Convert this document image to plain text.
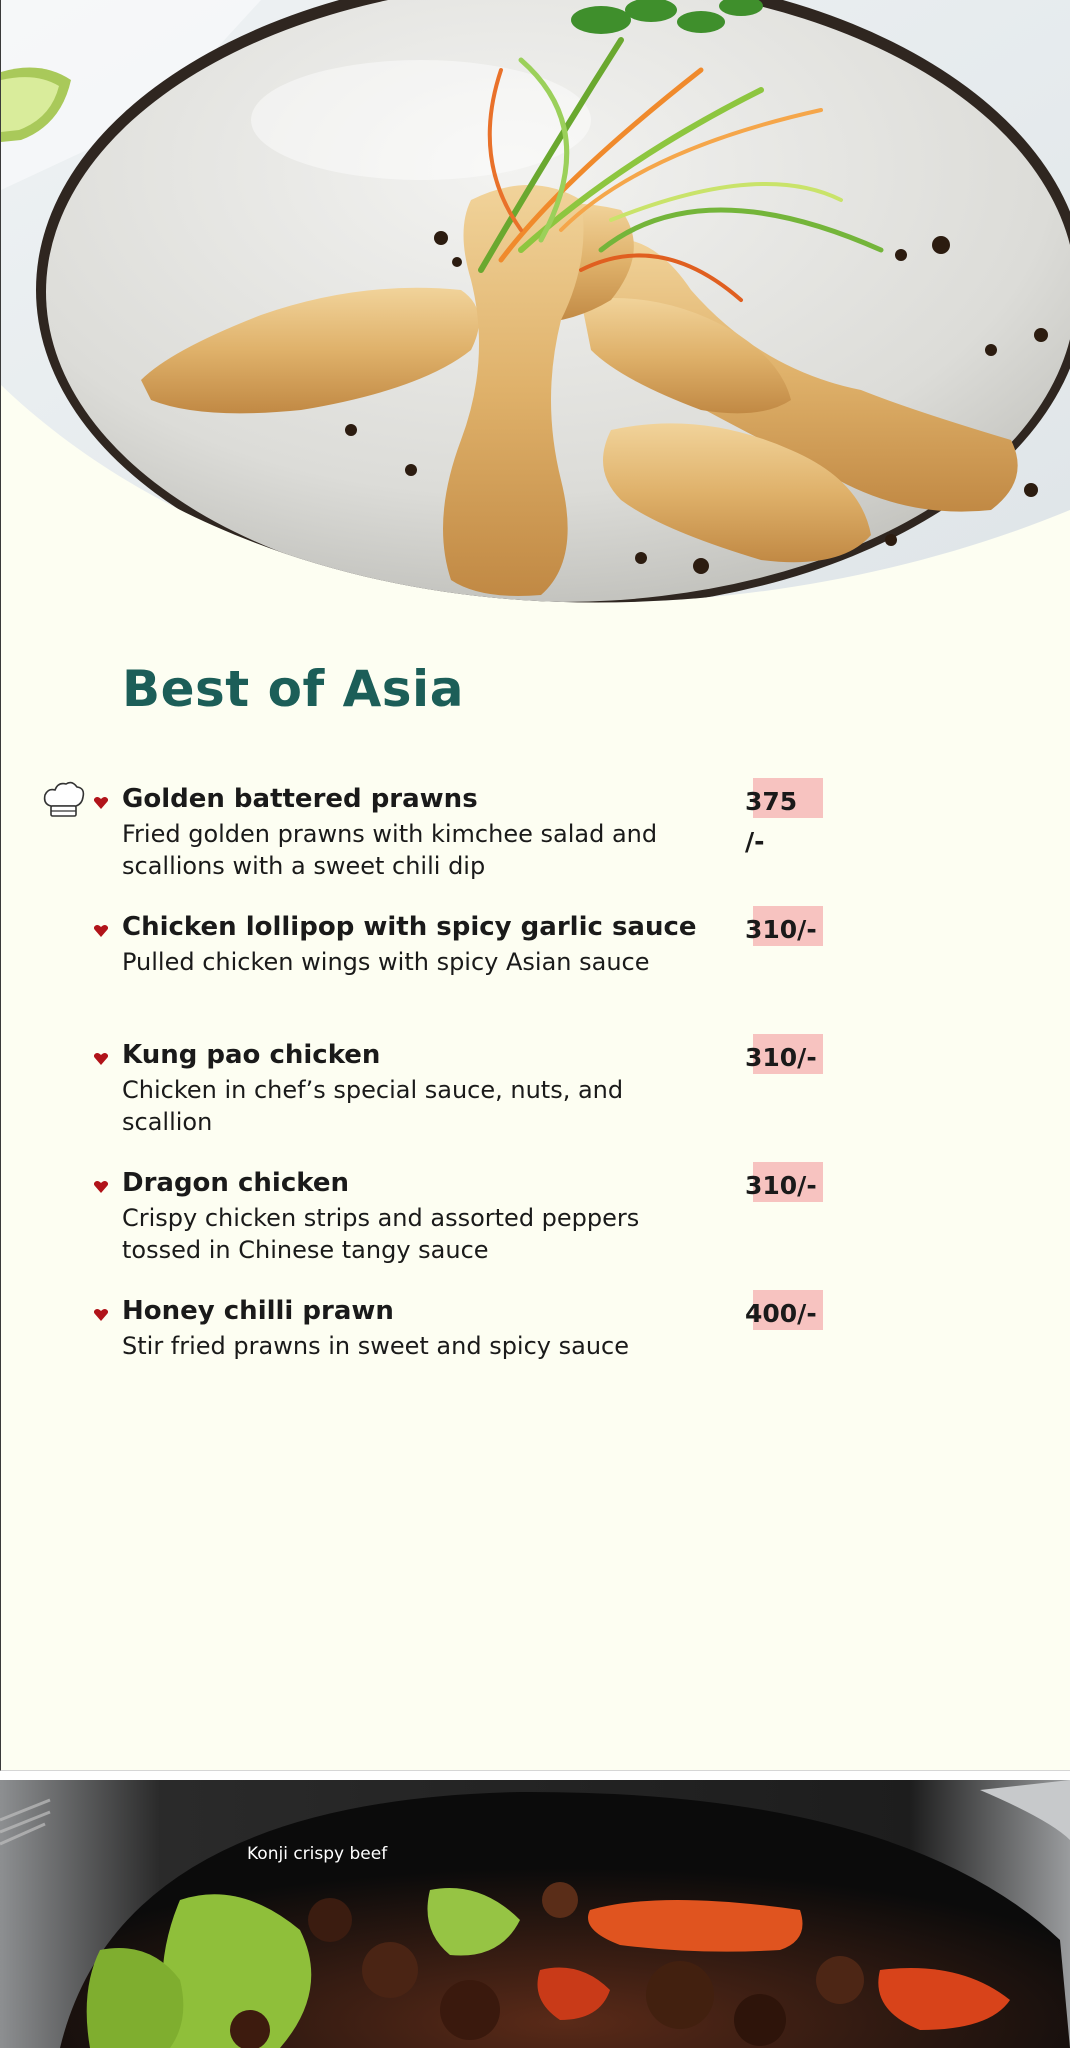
Best of Asia

Golden battered prawns

Fried golden prawns with kimchee salad and scallions with a sweet chili dip

375 /-

Chicken lollipop with spicy garlic sauce

Pulled chicken wings with spicy Asian sauce

310/-

Kung pao chicken

Chicken in chef’s special sauce, nuts, and scallion

310/-

Dragon chicken

Crispy chicken strips and assorted peppers tossed in Chinese tangy sauce

310/-

Honey chilli prawn

Stir fried prawns in sweet and spicy sauce

400/-

Konji crispy beef
